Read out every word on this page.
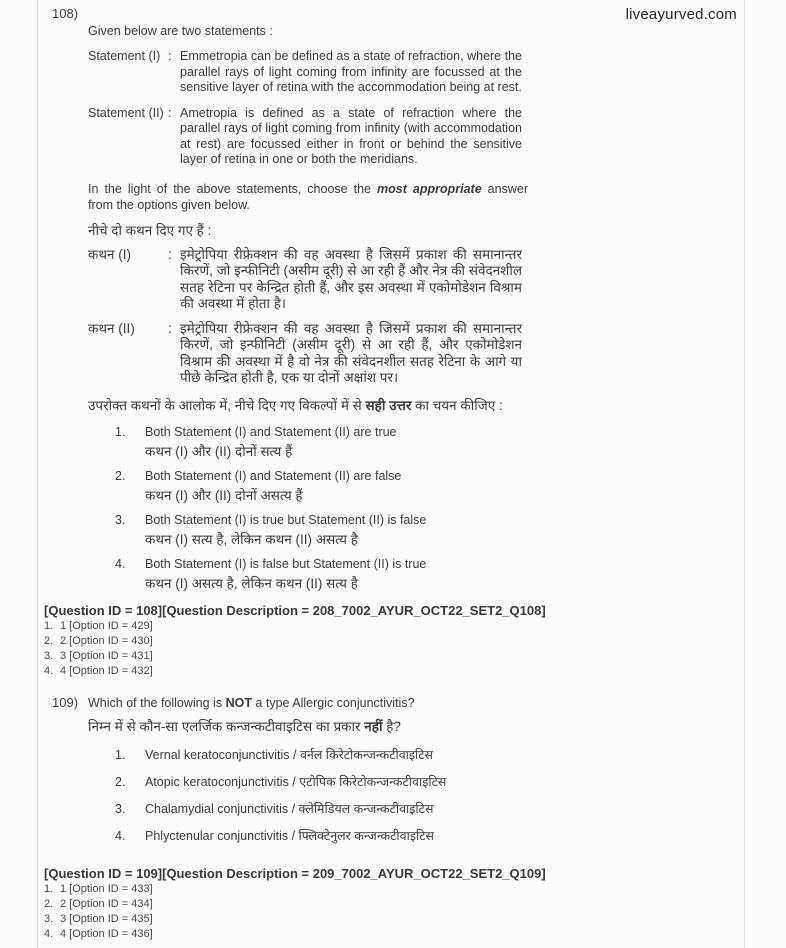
liveayurved.com
108)
Given below are two statements :
Statement (I) : Emmetropia can be defined as a state of refraction, where the parallel rays of light coming from infinity are focussed at the sensitive layer of retina with the accommodation being at rest.
Statement (II) : Ametropia is defined as a state of refraction where the parallel rays of light coming from infinity (with accommodation at rest) are focussed either in front or behind the sensitive layer of retina in one or both the meridians.
In the light of the above statements, choose the most appropriate answer from the options given below.
नीचे दो कथन दिए गए हैं :
कथन (I)	: इमेट्रोपिया रीफ्रेक्शन की वह अवस्था है जिसमें प्रकाश की समानान्तर किरणें, जो इन्फीनिटी (असीम दूरी) से आ रही हैं और नेत्र की संवेदनशील सतह रेटिना पर केन्द्रित होती हैं, और इस अवस्था में एकोमोडेशन विश्राम की अवस्था में होता है।
कथन (II)	: इमेट्रोपिया रीफ्रेक्शन की वह अवस्था है जिसमें प्रकाश की समानान्तर किरणें, जो इन्फीनिटी (असीम दूरी) से आ रही हैं, और एकोमोडेशन विश्राम की अवस्था में है वो नेत्र की संवेदनशील सतह रेटिना के आगे या पीछे केन्द्रित होती है, एक या दोनों अक्षांश पर।
उपरोक्त कथनों के आलोक में, नीचे दिए गए विकल्पों में से सही उत्तर का चयन कीजिए :
1.	Both Statement (I) and Statement (II) are true
कथन (I) और (II) दोनों सत्य हैं
2.	Both Statement (I) and Statement (II) are false
कथन (I) और (II) दोनों असत्य हैं
3.	Both Statement (I) is true but Statement (II) is false
कथन (I) सत्य है, लेकिन कथन (II) असत्य है
4.	Both Statement (I) is false but Statement (II) is true
कथन (I) असत्य है, लेकिन कथन (II) सत्य है
[Question ID = 108][Question Description = 208_7002_AYUR_OCT22_SET2_Q108]
1. 1 [Option ID = 429]
2. 2 [Option ID = 430]
3. 3 [Option ID = 431]
4. 4 [Option ID = 432]
109) Which of the following is NOT a type Allergic conjunctivitis?
निम्न में से कौन-सा एलर्जिक कन्जन्कटीवाइटिस का प्रकार नहीं है?
1.	Vernal keratoconjunctivitis / वर्नल किरेटोकन्जन्कटीवाइटिस
2.	Atopic keratoconjunctivitis / एटोपिक किरेटोकन्जन्कटीवाइटिस
3.	Chalamydial conjunctivitis / क्लेमिडियल कन्जन्कटीवाइटिस
4.	Phlyctenular conjunctivitis / फ्लिक्टेनुलर कन्जन्कटीवाइटिस
[Question ID = 109][Question Description = 209_7002_AYUR_OCT22_SET2_Q109]
1. 1 [Option ID = 433]
2. 2 [Option ID = 434]
3. 3 [Option ID = 435]
4. 4 [Option ID = 436]
